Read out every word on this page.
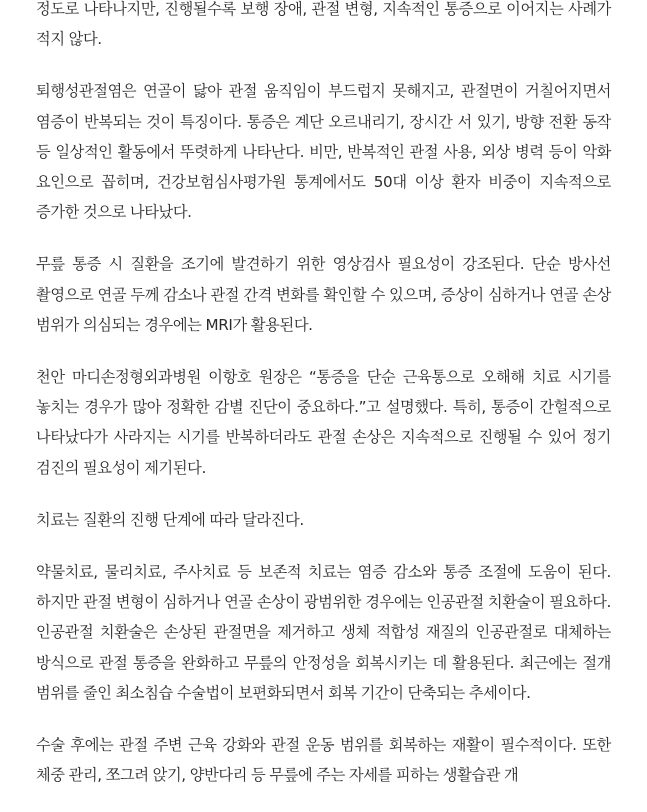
정도로 나타나지만, 진행될수록 보행 장애, 관절 변형, 지속적인 통증으로 이어지는 사례가 적지 않다.

퇴행성관절염은 연골이 닳아 관절 움직임이 부드럽지 못해지고, 관절면이 거칠어지면서 염증이 반복되는 것이 특징이다. 통증은 계단 오르내리기, 장시간 서 있기, 방향 전환 동작 등 일상적인 활동에서 뚜렷하게 나타난다. 비만, 반복적인 관절 사용, 외상 병력 등이 악화 요인으로 꼽히며, 건강보험심사평가원 통계에서도 50대 이상 환자 비중이 지속적으로 증가한 것으로 나타났다.

무릎 통증 시 질환을 조기에 발견하기 위한 영상검사 필요성이 강조된다. 단순 방사선 촬영으로 연골 두께 감소나 관절 간격 변화를 확인할 수 있으며, 증상이 심하거나 연골 손상 범위가 의심되는 경우에는 MRI가 활용된다.

천안 마디손정형외과병원 이항호 원장은 “통증을 단순 근육통으로 오해해 치료 시기를 놓치는 경우가 많아 정확한 감별 진단이 중요하다.”고 설명했다. 특히, 통증이 간헐적으로 나타났다가 사라지는 시기를 반복하더라도 관절 손상은 지속적으로 진행될 수 있어 정기 검진의 필요성이 제기된다.

치료는 질환의 진행 단계에 따라 달라진다.

약물치료, 물리치료, 주사치료 등 보존적 치료는 염증 감소와 통증 조절에 도움이 된다. 하지만 관절 변형이 심하거나 연골 손상이 광범위한 경우에는 인공관절 치환술이 필요하다. 인공관절 치환술은 손상된 관절면을 제거하고 생체 적합성 재질의 인공관절로 대체하는 방식으로 관절 통증을 완화하고 무릎의 안정성을 회복시키는 데 활용된다. 최근에는 절개 범위를 줄인 최소침습 수술법이 보편화되면서 회복 기간이 단축되는 추세이다.

수술 후에는 관절 주변 근육 강화와 관절 운동 범위를 회복하는 재활이 필수적이다. 또한 체중 관리, 쪼그려 앉기, 양반다리 등 무릎에 주는 자세를 피하는 생활습관 개
